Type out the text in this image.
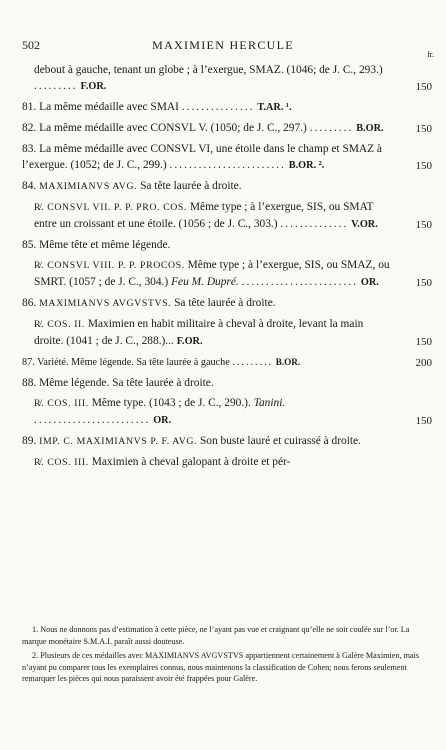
502	MAXIMIEN HERCULE
fr.
debout à gauche, tenant un globe ; à l’exergue, SMAZ. (1046; de J. C., 293.) ......... F.OR.	150
81. La même médaille avec SMAI ............... T.AR. ¹.
82. La même médaille avec CONSVL V. (1050; de J. C., 297.) ......... B.OR.	150
83. La même médaille avec CONSVL VI, une étoile dans le champ et SMAZ à l’exergue. (1052; de J. C., 299.) ........................ B.OR. ².	150
84. MAXIMIANVS AVG. Sa tête laurée à droite.
R̸. CONSVL VII. P. P. PRO. COS. Même type ; à l’exergue, SIS, ou SMAT entre un croissant et une étoile. (1056 ; de J. C., 303.) .............. V.OR.	150
85. Même tête et même légende.
R̸. CONSVL VIII. P. P. PROCOS. Même type ; à l’exergue, SIS, ou SMAZ, ou SMRT. (1057 ; de J. C., 304.) Feu M. Dupré. ........................ OR.	150
86. MAXIMIANVS AVGVSTVS. Sa tête laurée à droite.
R̸. COS. II. Maximien en habit militaire à cheval à droite, levant la main droite. (1041 ; de J. C., 288.)... F.OR.	150
87. Variété. Même légende. Sa tête laurée à gauche ......... B.OR.	200
88. Même légende. Sa tête laurée à droite.
R̸. COS. III. Même type. (1043 ; de J. C., 290.). Tanini. ........................ OR.	150
89. IMP. C. MAXIMIANVS P. F. AVG. Son buste lauré et cuirassé à droite.
R̸. COS. III. Maximien à cheval galopant à droite et pér-

1. Nous ne donnons pas d’estimation à cette pièce, ne l’ayant pas vue et craignant qu’elle ne soit coulée sur l’or. La marque monétaire S.M.A.I. paraît aussi douteuse.

2. Plusieurs de ces médailles avec MAXIMIANVS AVGVSTVS appartiennent certainement à Galère Maximien, mais n’ayant pu comparer tous les exemplaires connus, nous maintenons la classification de Cohen; nous ferons seulement remarquer les pièces qui nous paraissent avoir été frappées pour Galère.
